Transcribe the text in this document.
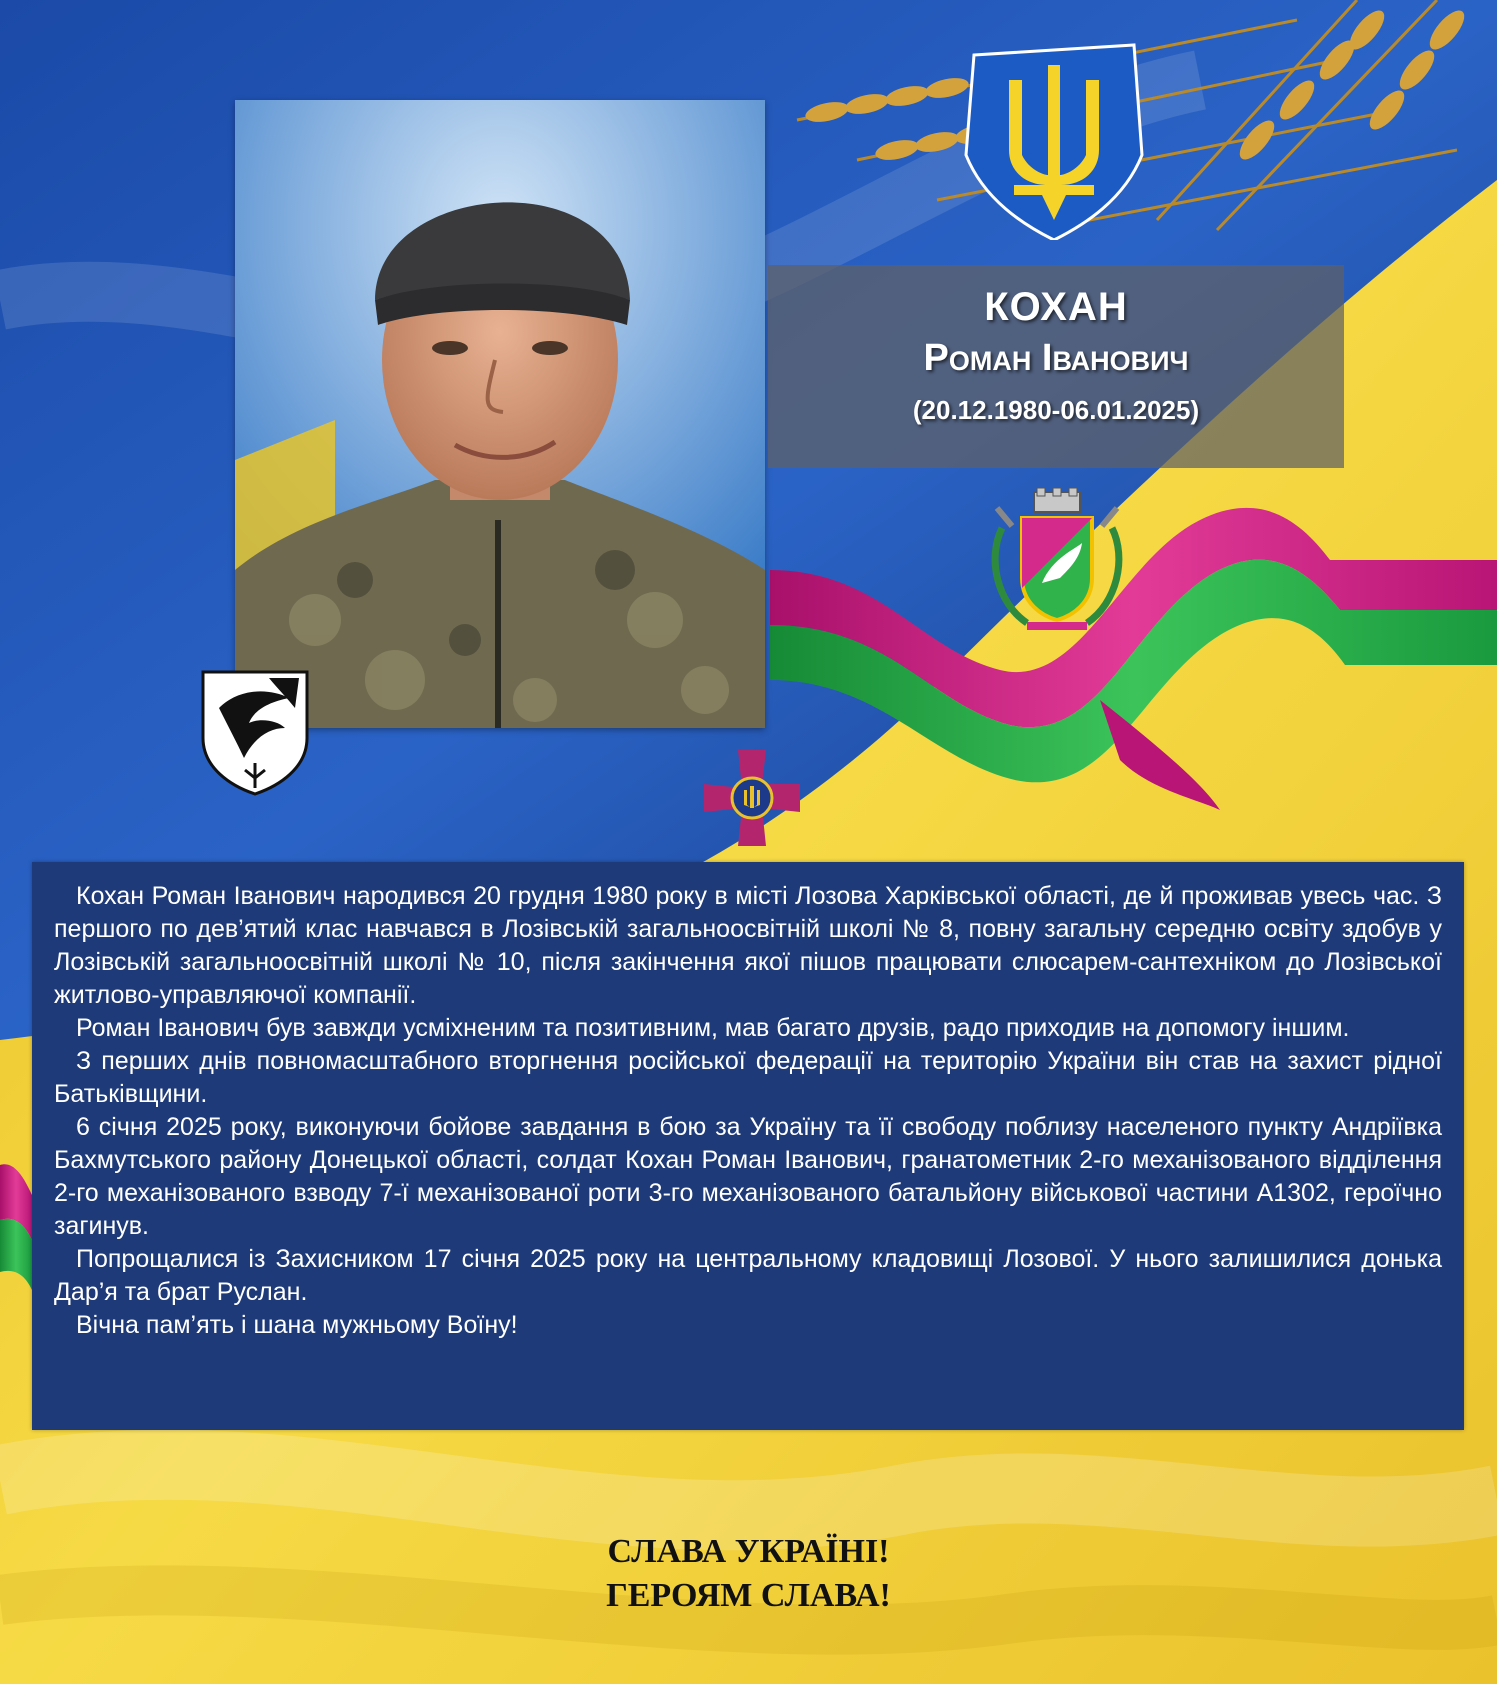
КОХАН
Роман Іванович
(20.12.1980-06.01.2025)

Кохан Роман Іванович народився 20 грудня 1980 року в місті Лозова Харківської області, де й проживав увесь час. З першого по дев’ятий клас навчався в Лозівській загальноосвітній школі № 8, повну загальну середню освіту здобув у Лозівській загальноосвітній школі № 10, після закінчення якої пішов працювати слюсарем-сантехніком до Лозівської житлово-управляючої компанії.

Роман Іванович був завжди усміхненим та позитивним, мав багато друзів, радо приходив на допомогу іншим.

З перших днів повномасштабного вторгнення російської федерації на територію України він став на захист рідної Батьківщини.

6 січня 2025 року, виконуючи бойове завдання в бою за Україну та її свободу поблизу населеного пункту Андріївка Бахмутського району Донецької області, солдат Кохан Роман Іванович, гранатометник 2-го механізованого відділення 2-го механізованого взводу 7-ї механізованої роти 3-го механізованого батальйону військової частини А1302, героїчно загинув.

Попрощалися із Захисником 17 січня 2025 року на центральному кладовищі Лозової. У нього залишилися донька Дар’я та брат Руслан.

Вічна пам’ять і шана мужньому Воїну!

СЛАВА УКРАЇНІ!
ГЕРОЯМ СЛАВА!
